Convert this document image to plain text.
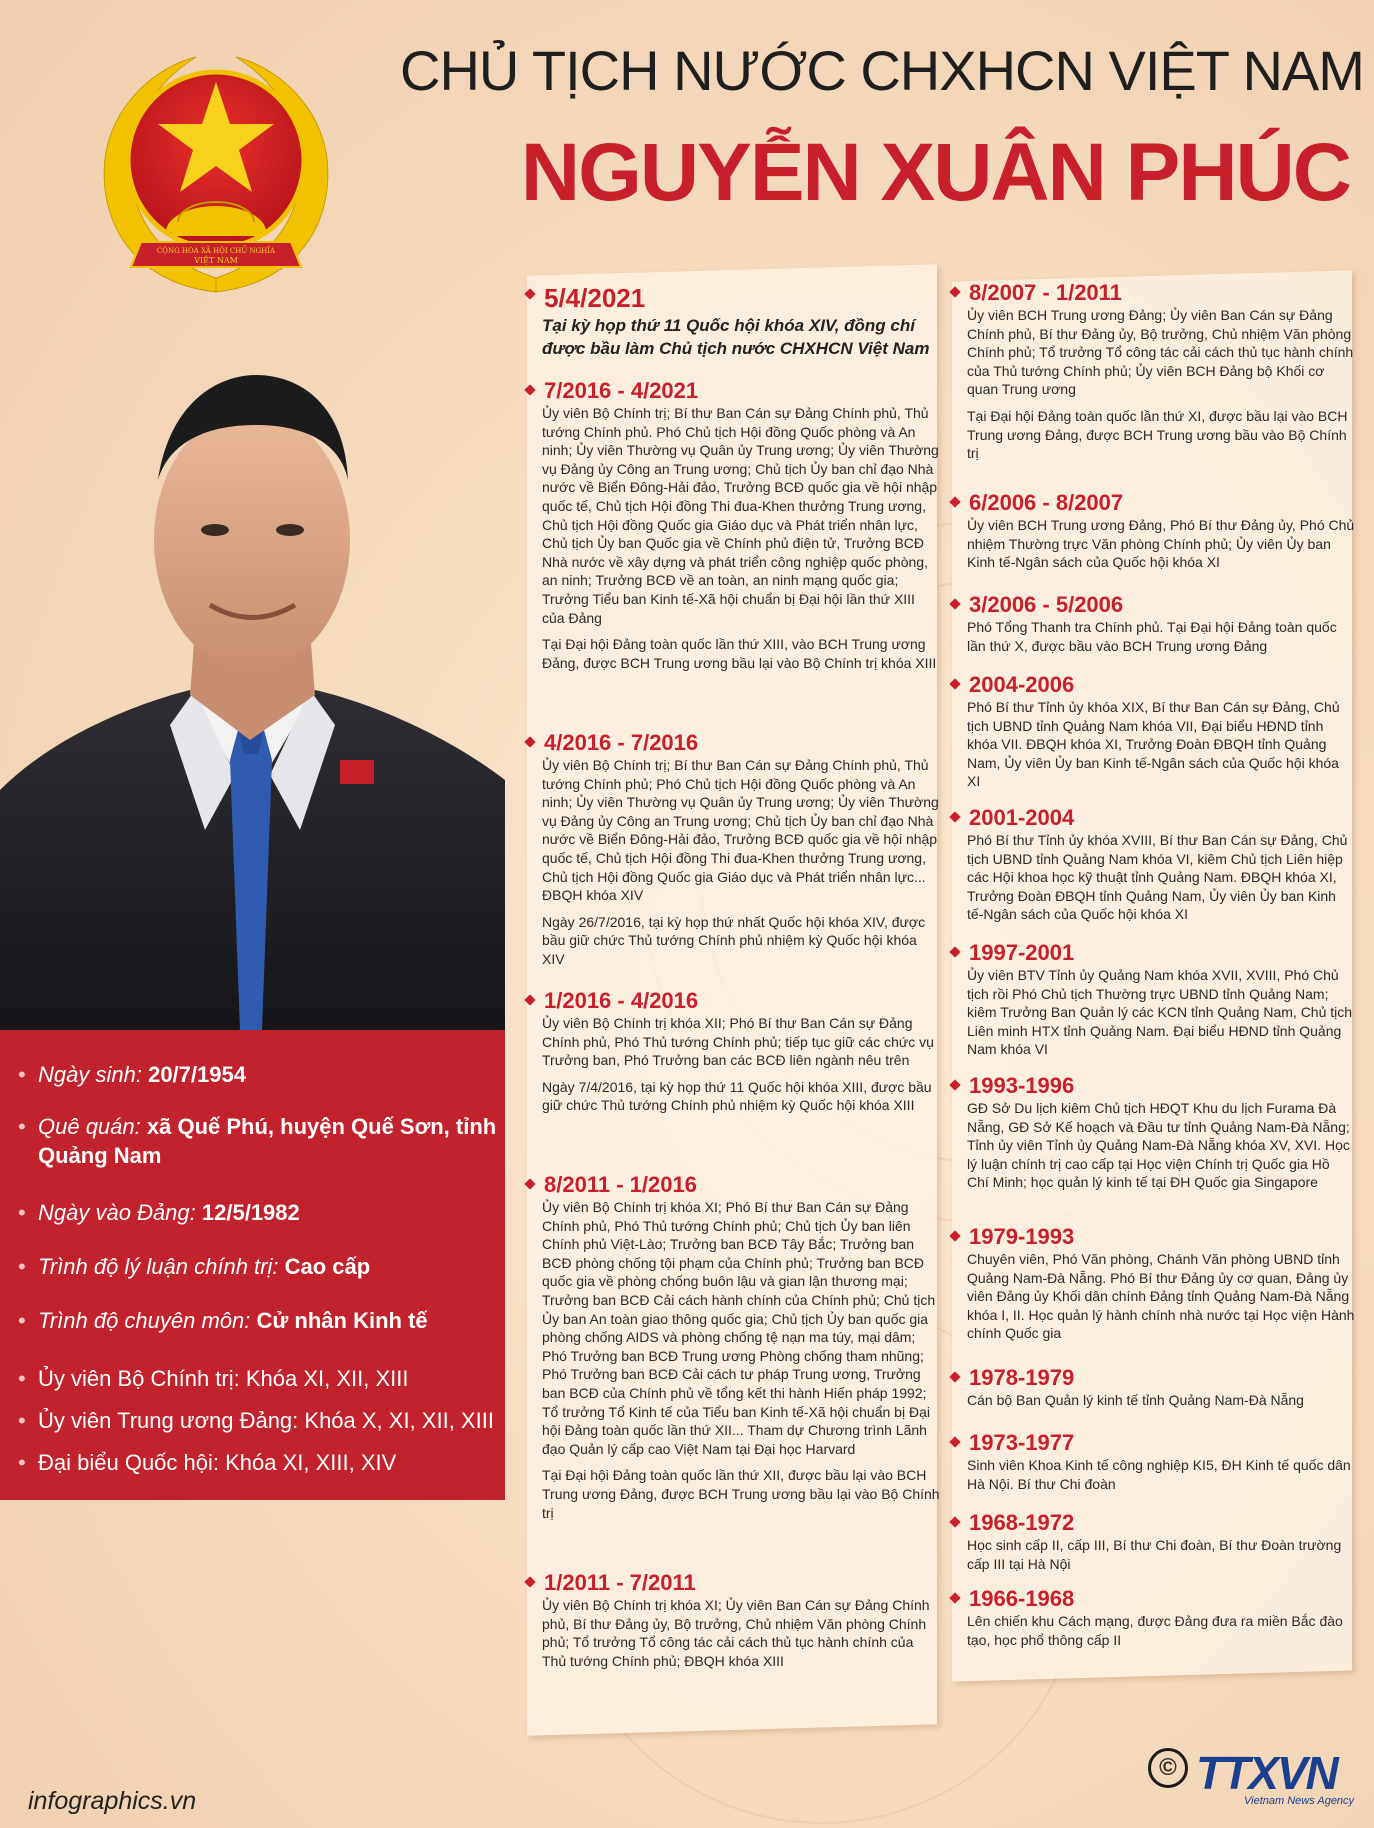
CỘNG HÒA XÃ HỘI CHỦ NGHĨA
VIỆT NAM
CHỦ TỊCH NƯỚC CHXHCN VIỆT NAM
NGUYỄN XUÂN PHÚC
• Ngày sinh: 20/7/1954
• Quê quán: xã Quế Phú, huyện Quế Sơn, tỉnh Quảng Nam
• Ngày vào Đảng: 12/5/1982
• Trình độ lý luận chính trị: Cao cấp
• Trình độ chuyên môn: Cử nhân Kinh tế
• Ủy viên Bộ Chính trị: Khóa XI, XII, XIII
• Ủy viên Trung ương Đảng: Khóa X, XI, XII, XIII
• Đại biểu Quốc hội: Khóa XI, XIII, XIV
5/4/2021

Tại kỳ họp thứ 11 Quốc hội khóa XIV, đồng chí được bầu làm Chủ tịch nước CHXHCN Việt Nam

7/2016 - 4/2021

Ủy viên Bộ Chính trị; Bí thư Ban Cán sự Đảng Chính phủ, Thủ tướng Chính phủ. Phó Chủ tịch Hội đồng Quốc phòng và An ninh; Ủy viên Thường vụ Quân ủy Trung ương; Ủy viên Thường vụ Đảng ủy Công an Trung ương; Chủ tịch Ủy ban chỉ đạo Nhà nước về Biển Đông-Hải đảo, Trưởng BCĐ quốc gia về hội nhập quốc tế, Chủ tịch Hội đồng Thi đua-Khen thưởng Trung ương, Chủ tịch Hội đồng Quốc gia Giáo dục và Phát triển nhân lực, Chủ tịch Ủy ban Quốc gia về Chính phủ điện tử, Trưởng BCĐ Nhà nước về xây dựng và phát triển công nghiệp quốc phòng, an ninh; Trưởng BCĐ về an toàn, an ninh mạng quốc gia; Trưởng Tiểu ban Kinh tế-Xã hội chuẩn bị Đại hội lần thứ XIII của Đảng

Tại Đại hội Đảng toàn quốc lần thứ XIII, vào BCH Trung ương Đảng, được BCH Trung ương bầu lại vào Bộ Chính trị khóa XIII

4/2016 - 7/2016

Ủy viên Bộ Chính trị; Bí thư Ban Cán sự Đảng Chính phủ, Thủ tướng Chính phủ; Phó Chủ tịch Hội đồng Quốc phòng và An ninh; Ủy viên Thường vụ Quân ủy Trung ương; Ủy viên Thường vụ Đảng ủy Công an Trung ương; Chủ tịch Ủy ban chỉ đạo Nhà nước về Biển Đông-Hải đảo, Trưởng BCĐ quốc gia về hội nhập quốc tế, Chủ tịch Hội đồng Thi đua-Khen thưởng Trung ương, Chủ tịch Hội đồng Quốc gia Giáo dục và Phát triển nhân lực... ĐBQH khóa XIV

Ngày 26/7/2016, tại kỳ họp thứ nhất Quốc hội khóa XIV, được bầu giữ chức Thủ tướng Chính phủ nhiệm kỳ Quốc hội khóa XIV

1/2016 - 4/2016

Ủy viên Bộ Chính trị khóa XII; Phó Bí thư Ban Cán sự Đảng Chính phủ, Phó Thủ tướng Chính phủ; tiếp tục giữ các chức vụ Trưởng ban, Phó Trưởng ban các BCĐ liên ngành nêu trên

Ngày 7/4/2016, tại kỳ họp thứ 11 Quốc hội khóa XIII, được bầu giữ chức Thủ tướng Chính phủ nhiệm kỳ Quốc hội khóa XIII

8/2011 - 1/2016

Ủy viên Bộ Chính trị khóa XI; Phó Bí thư Ban Cán sự Đảng Chính phủ, Phó Thủ tướng Chính phủ; Chủ tịch Ủy ban liên Chính phủ Việt-Lào; Trưởng ban BCĐ Tây Bắc; Trưởng ban BCĐ phòng chống tội phạm của Chính phủ; Trưởng ban BCĐ quốc gia về phòng chống buôn lậu và gian lận thương mại; Trưởng ban BCĐ Cải cách hành chính của Chính phủ; Chủ tịch Ủy ban An toàn giao thông quốc gia; Chủ tịch Ủy ban quốc gia phòng chống AIDS và phòng chống tệ nạn ma túy, mại dâm; Phó Trưởng ban BCĐ Trung ương Phòng chống tham nhũng; Phó Trưởng ban BCĐ Cải cách tư pháp Trung ương, Trưởng ban BCĐ của Chính phủ về tổng kết thi hành Hiến pháp 1992; Tổ trưởng Tổ Kinh tế của Tiểu ban Kinh tế-Xã hội chuẩn bị Đại hội Đảng toàn quốc lần thứ XII... Tham dự Chương trình Lãnh đạo Quản lý cấp cao Việt Nam tại Đại học Harvard

Tại Đại hội Đảng toàn quốc lần thứ XII, được bầu lại vào BCH Trung ương Đảng, được BCH Trung ương bầu lại vào Bộ Chính trị

1/2011 - 7/2011

Ủy viên Bộ Chính trị khóa XI; Ủy viên Ban Cán sự Đảng Chính phủ, Bí thư Đảng ủy, Bộ trưởng, Chủ nhiệm Văn phòng Chính phủ; Tổ trưởng Tổ công tác cải cách thủ tục hành chính của Thủ tướng Chính phủ; ĐBQH khóa XIII

8/2007 - 1/2011

Ủy viên BCH Trung ương Đảng; Ủy viên Ban Cán sự Đảng Chính phủ, Bí thư Đảng ủy, Bộ trưởng, Chủ nhiệm Văn phòng Chính phủ; Tổ trưởng Tổ công tác cải cách thủ tục hành chính của Thủ tướng Chính phủ; Ủy viên BCH Đảng bộ Khối cơ quan Trung ương

Tại Đại hội Đảng toàn quốc lần thứ XI, được bầu lại vào BCH Trung ương Đảng, được BCH Trung ương bầu vào Bộ Chính trị

6/2006 - 8/2007

Ủy viên BCH Trung ương Đảng, Phó Bí thư Đảng ủy, Phó Chủ nhiệm Thường trực Văn phòng Chính phủ; Ủy viên Ủy ban Kinh tế-Ngân sách của Quốc hội khóa XI

3/2006 - 5/2006

Phó Tổng Thanh tra Chính phủ. Tại Đại hội Đảng toàn quốc lần thứ X, được bầu vào BCH Trung ương Đảng

2004-2006

Phó Bí thư Tỉnh ủy khóa XIX, Bí thư Ban Cán sự Đảng, Chủ tịch UBND tỉnh Quảng Nam khóa VII, Đại biểu HĐND tỉnh khóa VII. ĐBQH khóa XI, Trưởng Đoàn ĐBQH tỉnh Quảng Nam, Ủy viên Ủy ban Kinh tế-Ngân sách của Quốc hội khóa XI

2001-2004

Phó Bí thư Tỉnh ủy khóa XVIII, Bí thư Ban Cán sự Đảng, Chủ tịch UBND tỉnh Quảng Nam khóa VI, kiêm Chủ tịch Liên hiệp các Hội khoa học kỹ thuật tỉnh Quảng Nam. ĐBQH khóa XI, Trưởng Đoàn ĐBQH tỉnh Quảng Nam, Ủy viên Ủy ban Kinh tế-Ngân sách của Quốc hội khóa XI

1997-2001

Ủy viên BTV Tỉnh ủy Quảng Nam khóa XVII, XVIII, Phó Chủ tịch rồi Phó Chủ tịch Thường trực UBND tỉnh Quảng Nam; kiêm Trưởng Ban Quản lý các KCN tỉnh Quảng Nam, Chủ tịch Liên minh HTX tỉnh Quảng Nam. Đại biểu HĐND tỉnh Quảng Nam khóa VI

1993-1996

GĐ Sở Du lịch kiêm Chủ tịch HĐQT Khu du lịch Furama Đà Nẵng, GĐ Sở Kế hoạch và Đầu tư tỉnh Quảng Nam-Đà Nẵng; Tỉnh ủy viên Tỉnh ủy Quảng Nam-Đà Nẵng khóa XV, XVI. Học lý luận chính trị cao cấp tại Học viện Chính trị Quốc gia Hồ Chí Minh; học quản lý kinh tế tại ĐH Quốc gia Singapore

1979-1993

Chuyên viên, Phó Văn phòng, Chánh Văn phòng UBND tỉnh Quảng Nam-Đà Nẵng. Phó Bí thư Đảng ủy cơ quan, Đảng ủy viên Đảng ủy Khối dân chính Đảng tỉnh Quảng Nam-Đà Nẵng khóa I, II. Học quản lý hành chính nhà nước tại Học viện Hành chính Quốc gia

1978-1979

Cán bộ Ban Quản lý kinh tế tỉnh Quảng Nam-Đà Nẵng

1973-1977

Sinh viên Khoa Kinh tế công nghiệp KI5, ĐH Kinh tế quốc dân Hà Nội. Bí thư Chi đoàn

1968-1972

Học sinh cấp II, cấp III, Bí thư Chi đoàn, Bí thư Đoàn trường cấp III tại Hà Nội

1966-1968

Lên chiến khu Cách mạng, được Đảng đưa ra miền Bắc đào tạo, học phổ thông cấp II

infographics.vn
© TTXVN
Vietnam News Agency
